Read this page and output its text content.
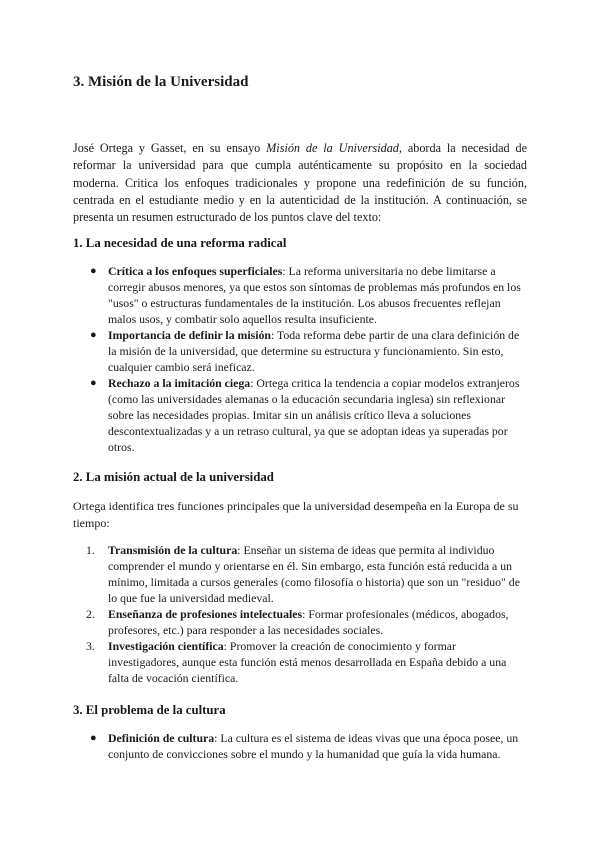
3. Misión de la Universidad

José Ortega y Gasset, en su ensayo Misión de la Universidad, aborda la necesidad de reformar la universidad para que cumpla auténticamente su propósito en la sociedad moderna. Critica los enfoques tradicionales y propone una redefinición de su función, centrada en el estudiante medio y en la autenticidad de la institución. A continuación, se presenta un resumen estructurado de los puntos clave del texto:

1. La necesidad de una reforma radical
● Crítica a los enfoques superficiales: La reforma universitaria no debe limitarse a corregir abusos menores, ya que estos son síntomas de problemas más profundos en los "usos" o estructuras fundamentales de la institución. Los abusos frecuentes reflejan malos usos, y combatir solo aquellos resulta insuficiente.
● Importancia de definir la misión: Toda reforma debe partir de una clara definición de la misión de la universidad, que determine su estructura y funcionamiento. Sin esto, cualquier cambio será ineficaz.
● Rechazo a la imitación ciega: Ortega critica la tendencia a copiar modelos extranjeros (como las universidades alemanas o la educación secundaria inglesa) sin reflexionar sobre las necesidades propias. Imitar sin un análisis crítico lleva a soluciones descontextualizadas y a un retraso cultural, ya que se adoptan ideas ya superadas por otros.
2. La misión actual de la universidad

Ortega identifica tres funciones principales que la universidad desempeña en la Europa de su tiempo:

1. Transmisión de la cultura: Enseñar un sistema de ideas que permita al individuo comprender el mundo y orientarse en él. Sin embargo, esta función está reducida a un mínimo, limitada a cursos generales (como filosofía o historia) que son un "residuo" de lo que fue la universidad medieval.
2. Enseñanza de profesiones intelectuales: Formar profesionales (médicos, abogados, profesores, etc.) para responder a las necesidades sociales.
3. Investigación científica: Promover la creación de conocimiento y formar investigadores, aunque esta función está menos desarrollada en España debido a una falta de vocación científica.
3. El problema de la cultura
● Definición de cultura: La cultura es el sistema de ideas vivas que una época posee, un conjunto de convicciones sobre el mundo y la humanidad que guía la vida humana.
